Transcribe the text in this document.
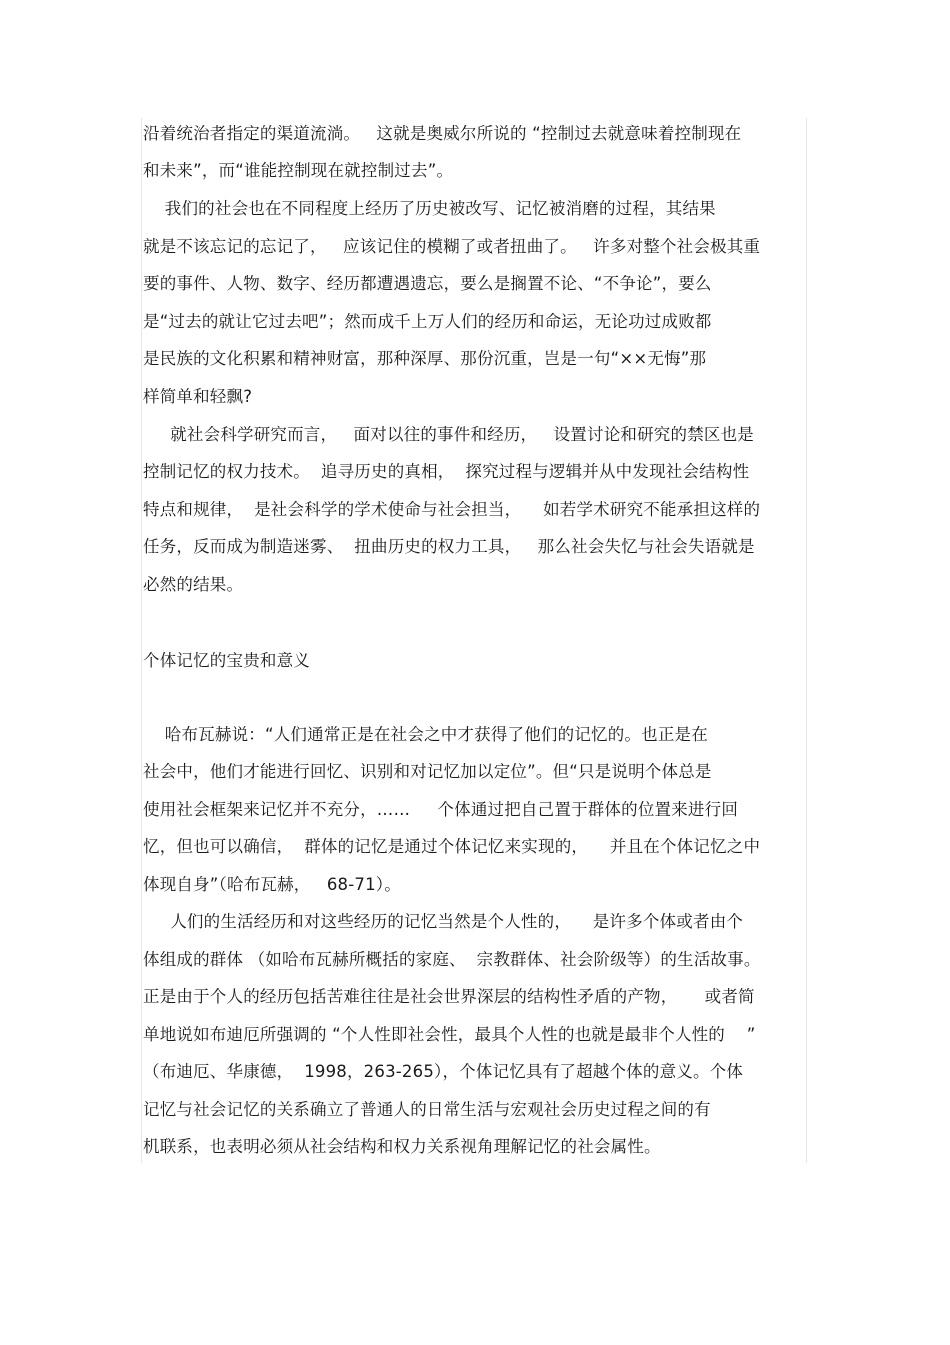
沿着统治者指定的渠道流淌。   这就是奥威尔所说的 “控制过去就意味着控制现在
和未来”，而“谁能控制现在就控制过去”。
我们的社会也在不同程度上经历了历史被改写、记忆被消磨的过程，其结果
就是不该忘记的忘记了，   应该记住的模糊了或者扭曲了。   许多对整个社会极其重
要的事件、人物、数字、经历都遭遇遗忘，要么是搁置不论、“不争论”，要么
是“过去的就让它过去吧”；然而成千上万人们的经历和命运，无论功过成败都
是民族的文化积累和精神财富，那种深厚、那份沉重，岂是一句“××无悔”那
样简单和轻飘?
就社会科学研究而言，   面对以往的事件和经历，   设置讨论和研究的禁区也是
控制记忆的权力技术。  追寻历史的真相，  探究过程与逻辑并从中发现社会结构性
特点和规律，  是社会科学的学术使命与社会担当，    如若学术研究不能承担这样的
任务，反而成为制造迷雾、  扭曲历史的权力工具，   那么社会失忆与社会失语就是
必然的结果。
个体记忆的宝贵和意义
哈布瓦赫说：“人们通常正是在社会之中才获得了他们的记忆的。也正是在
社会中，他们才能进行回忆、识别和对记忆加以定位”。但“只是说明个体总是
使用社会框架来记忆并不充分，……     个体通过把自己置于群体的位置来进行回
忆，但也可以确信，  群体的记忆是通过个体记忆来实现的，    并且在个体记忆之中
体现自身”（哈布瓦赫，   68-71）。
人们的生活经历和对这些经历的记忆当然是个人性的，    是许多个体或者由个
体组成的群体 （如哈布瓦赫所概括的家庭、  宗教群体、社会阶级等）的生活故事。
正是由于个人的经历包括苦难往往是社会世界深层的结构性矛盾的产物，     或者简
单地说如布迪厄所强调的 “个人性即社会性，最具个人性的也就是最非个人性的    ”
（布迪厄、华康德，  1998，263-265），个体记忆具有了超越个体的意义。个体
记忆与社会记忆的关系确立了普通人的日常生活与宏观社会历史过程之间的有
机联系，也表明必须从社会结构和权力关系视角理解记忆的社会属性。
